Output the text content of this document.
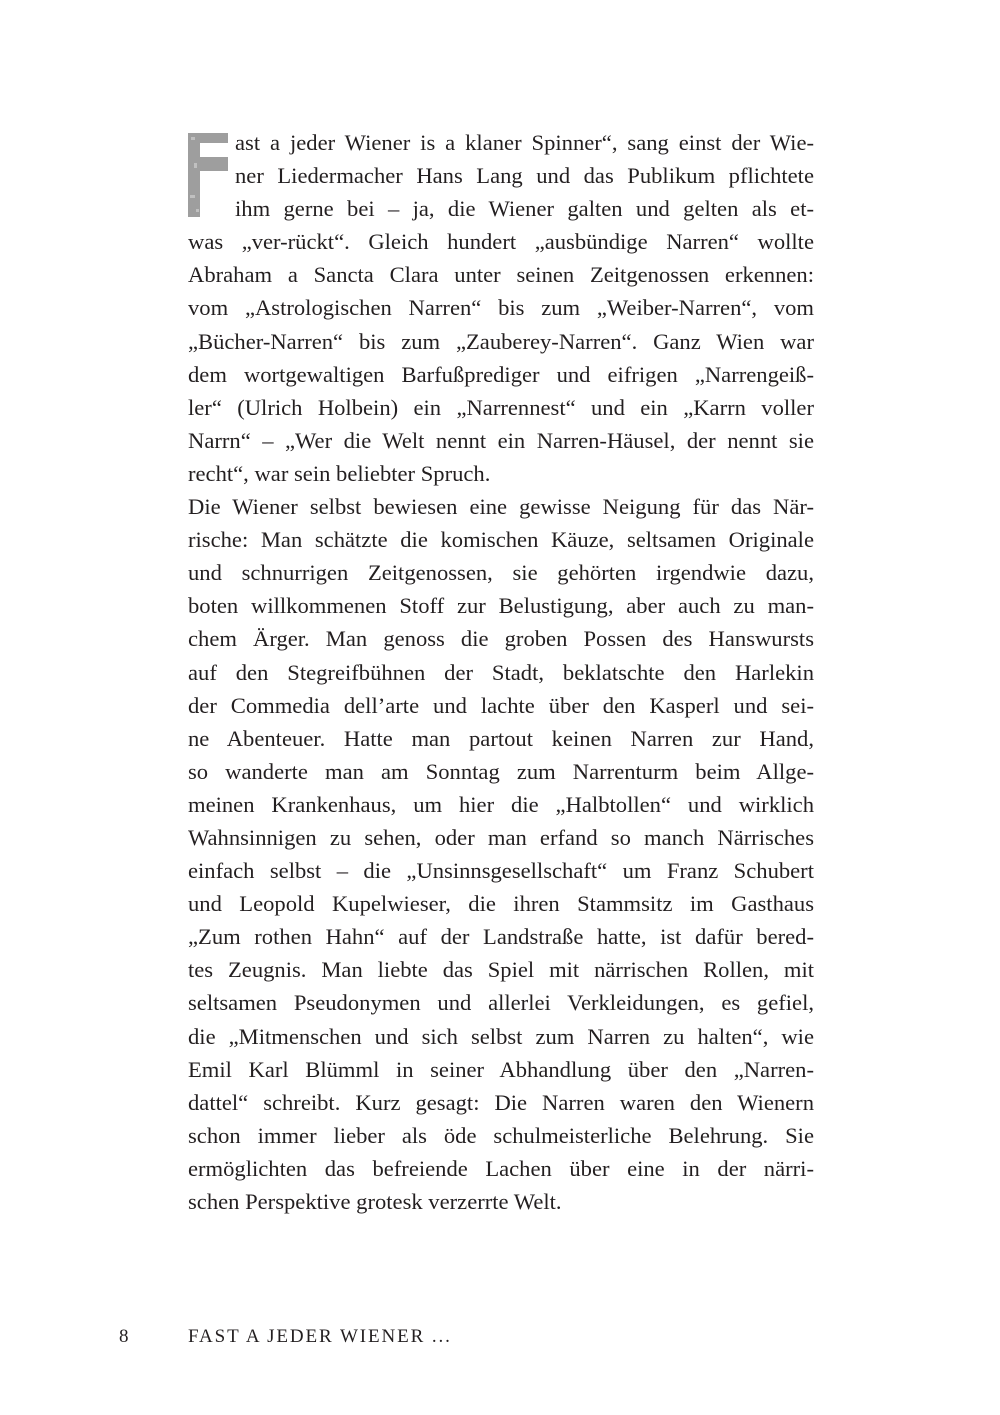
ast a jeder Wiener is a klaner Spinner“, sang einst der Wie-
ner Liedermacher Hans Lang und das Publikum pflichtete
ihm gerne bei – ja, die Wiener galten und gelten als et-
was „ver-rückt“. Gleich hundert „ausbündige Narren“ wollte
Abraham a Sancta Clara unter seinen Zeitgenossen erkennen:
vom „Astrologischen Narren“ bis zum „Weiber-Narren“, vom
„Bücher-Narren“ bis zum „Zauberey-Narren“. Ganz Wien war
dem wortgewaltigen Barfußprediger und eifrigen „Narrengeiß-
ler“ (Ulrich Holbein) ein „Narrennest“ und ein „Karrn voller
Narrn“ – „Wer die Welt nennt ein Narren-Häusel, der nennt sie
recht“, war sein beliebter Spruch.
Die Wiener selbst bewiesen eine gewisse Neigung für das När-
rische: Man schätzte die komischen Käuze, seltsamen Originale
und schnurrigen Zeitgenossen, sie gehörten irgendwie dazu,
boten willkommenen Stoff zur Belustigung, aber auch zu man-
chem Ärger. Man genoss die groben Possen des Hanswursts
auf den Stegreifbühnen der Stadt, beklatschte den Harlekin
der Commedia dell’arte und lachte über den Kasperl und sei-
ne Abenteuer. Hatte man partout keinen Narren zur Hand,
so wanderte man am Sonntag zum Narrenturm beim Allge-
meinen Krankenhaus, um hier die „Halbtollen“ und wirklich
Wahnsinnigen zu sehen, oder man erfand so manch Närrisches
einfach selbst – die „Unsinnsgesellschaft“ um Franz Schubert
und Leopold Kupelwieser, die ihren Stammsitz im Gasthaus
„Zum rothen Hahn“ auf der Landstraße hatte, ist dafür bered-
tes Zeugnis. Man liebte das Spiel mit närrischen Rollen, mit
seltsamen Pseudonymen und allerlei Verkleidungen, es gefiel,
die „Mitmenschen und sich selbst zum Narren zu halten“, wie
Emil Karl Blümml in seiner Abhandlung über den „Narren-
dattel“ schreibt. Kurz gesagt: Die Narren waren den Wienern
schon immer lieber als öde schulmeisterliche Belehrung. Sie
ermöglichten das befreiende Lachen über eine in der närri-
schen Perspektive grotesk verzerrte Welt.
8	FAST A JEDER WIENER ...
